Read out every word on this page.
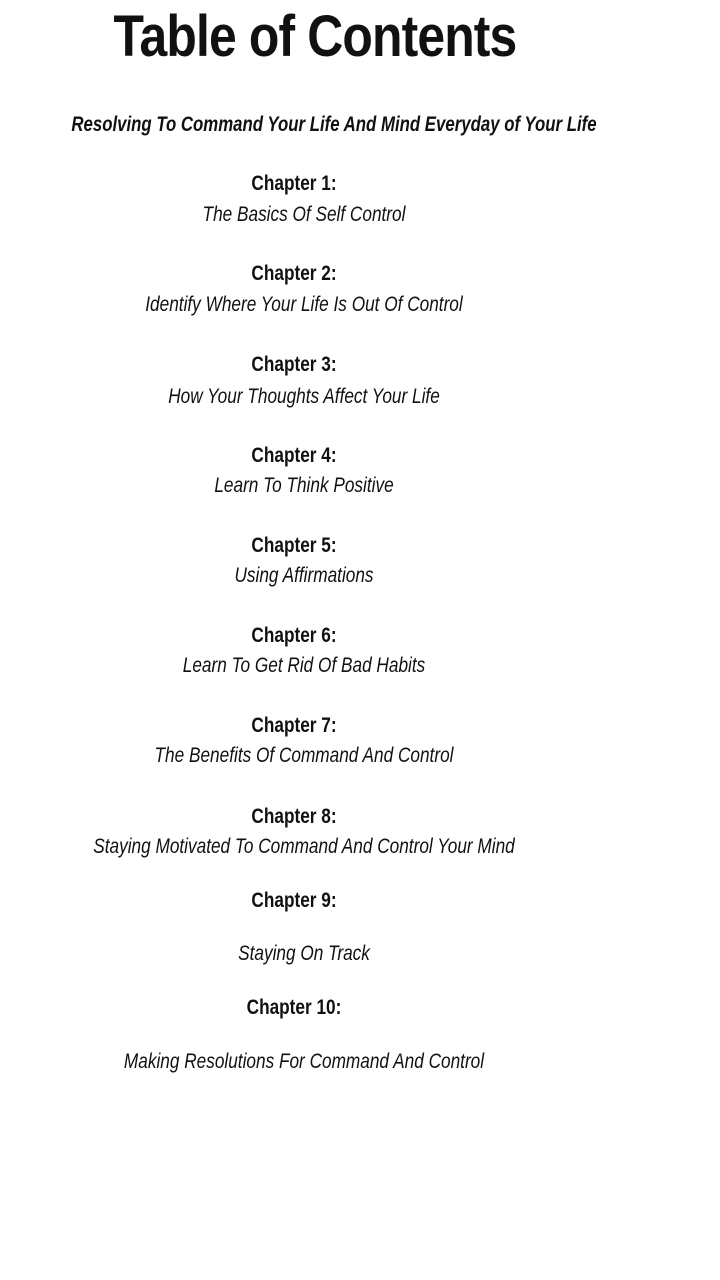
Table of Contents
Resolving To Command Your Life And Mind Everyday of Your Life
Chapter 1:
The Basics Of Self Control
Chapter 2:
Identify Where Your Life Is Out Of Control
Chapter 3:
How Your Thoughts Affect Your Life
Chapter 4:
Learn To Think Positive
Chapter 5:
Using Affirmations
Chapter 6:
Learn To Get Rid Of Bad Habits
Chapter 7:
The Benefits Of Command And Control
Chapter 8:
Staying Motivated To Command And Control Your Mind
Chapter 9:
Staying On Track
Chapter 10:
Making Resolutions For Command And Control
